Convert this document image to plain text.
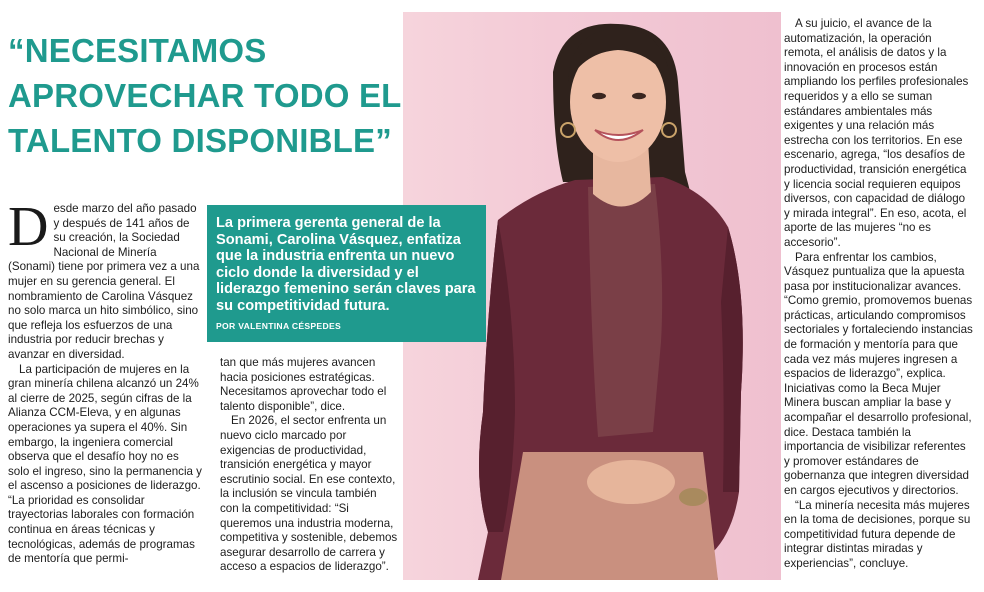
“NECESITAMOS
APROVECHAR TODO EL
TALENTO DISPONIBLE”

La primera gerenta general de la Sonami, Carolina Vásquez, enfatiza que la industria enfrenta un nuevo ciclo donde la diversidad y el liderazgo femenino serán claves para su competitividad futura.

POR VALENTINA CÉSPEDES

D esde marzo del año pasado y después de 141 años de su creación, la Sociedad Nacional de Minería (Sonami) tiene por primera vez a una mujer en su gerencia general. El nombramiento de Carolina Vásquez no solo marca un hito simbólico, sino que refleja los esfuerzos de una industria por reducir brechas y avanzar en diversidad.

La participación de mujeres en la gran minería chilena alcanzó un 24% al cierre de 2025, según cifras de la Alianza CCM-Eleva, y en algunas operaciones ya supera el 40%. Sin embargo, la ingeniera comercial observa que el desafío hoy no es solo el ingreso, sino la permanencia y el ascenso a posiciones de liderazgo. “La prioridad es consolidar trayectorias laborales con formación continua en áreas técnicas y tecnológicas, además de programas de mentoría que permi-

tan que más mujeres avancen hacia posiciones estratégicas. Necesitamos aprovechar todo el talento disponible”, dice.

En 2026, el sector enfrenta un nuevo ciclo marcado por exigencias de productividad, transición energética y mayor escrutinio social. En ese contexto, la inclusión se vincula también con la competitividad: “Si queremos una industria moderna, competitiva y sostenible, debemos asegurar desarrollo de carrera y acceso a espacios de liderazgo”.

A su juicio, el avance de la automatización, la operación remota, el análisis de datos y la innovación en procesos están ampliando los perfiles profesionales requeridos y a ello se suman estándares ambientales más exigentes y una relación más estrecha con los territorios. En ese escenario, agrega, “los desafíos de productividad, transición energética y licencia social requieren equipos diversos, con capacidad de diálogo y mirada integral”. En eso, acota, el aporte de las mujeres “no es accesorio”.

Para enfrentar los cambios, Vásquez puntualiza que la apuesta pasa por institucionalizar avances. “Como gremio, promovemos buenas prácticas, articulando compromisos sectoriales y fortaleciendo instancias de formación y mentoría para que cada vez más mujeres ingresen a espacios de liderazgo”, explica. Iniciativas como la Beca Mujer Minera buscan ampliar la base y acompañar el desarrollo profesional, dice. Destaca también la importancia de visibilizar referentes y promover estándares de gobernanza que integren diversidad en cargos ejecutivos y directorios.

“La minería necesita más mujeres en la toma de decisiones, porque su competitividad futura depende de integrar distintas miradas y experiencias”, concluye.
